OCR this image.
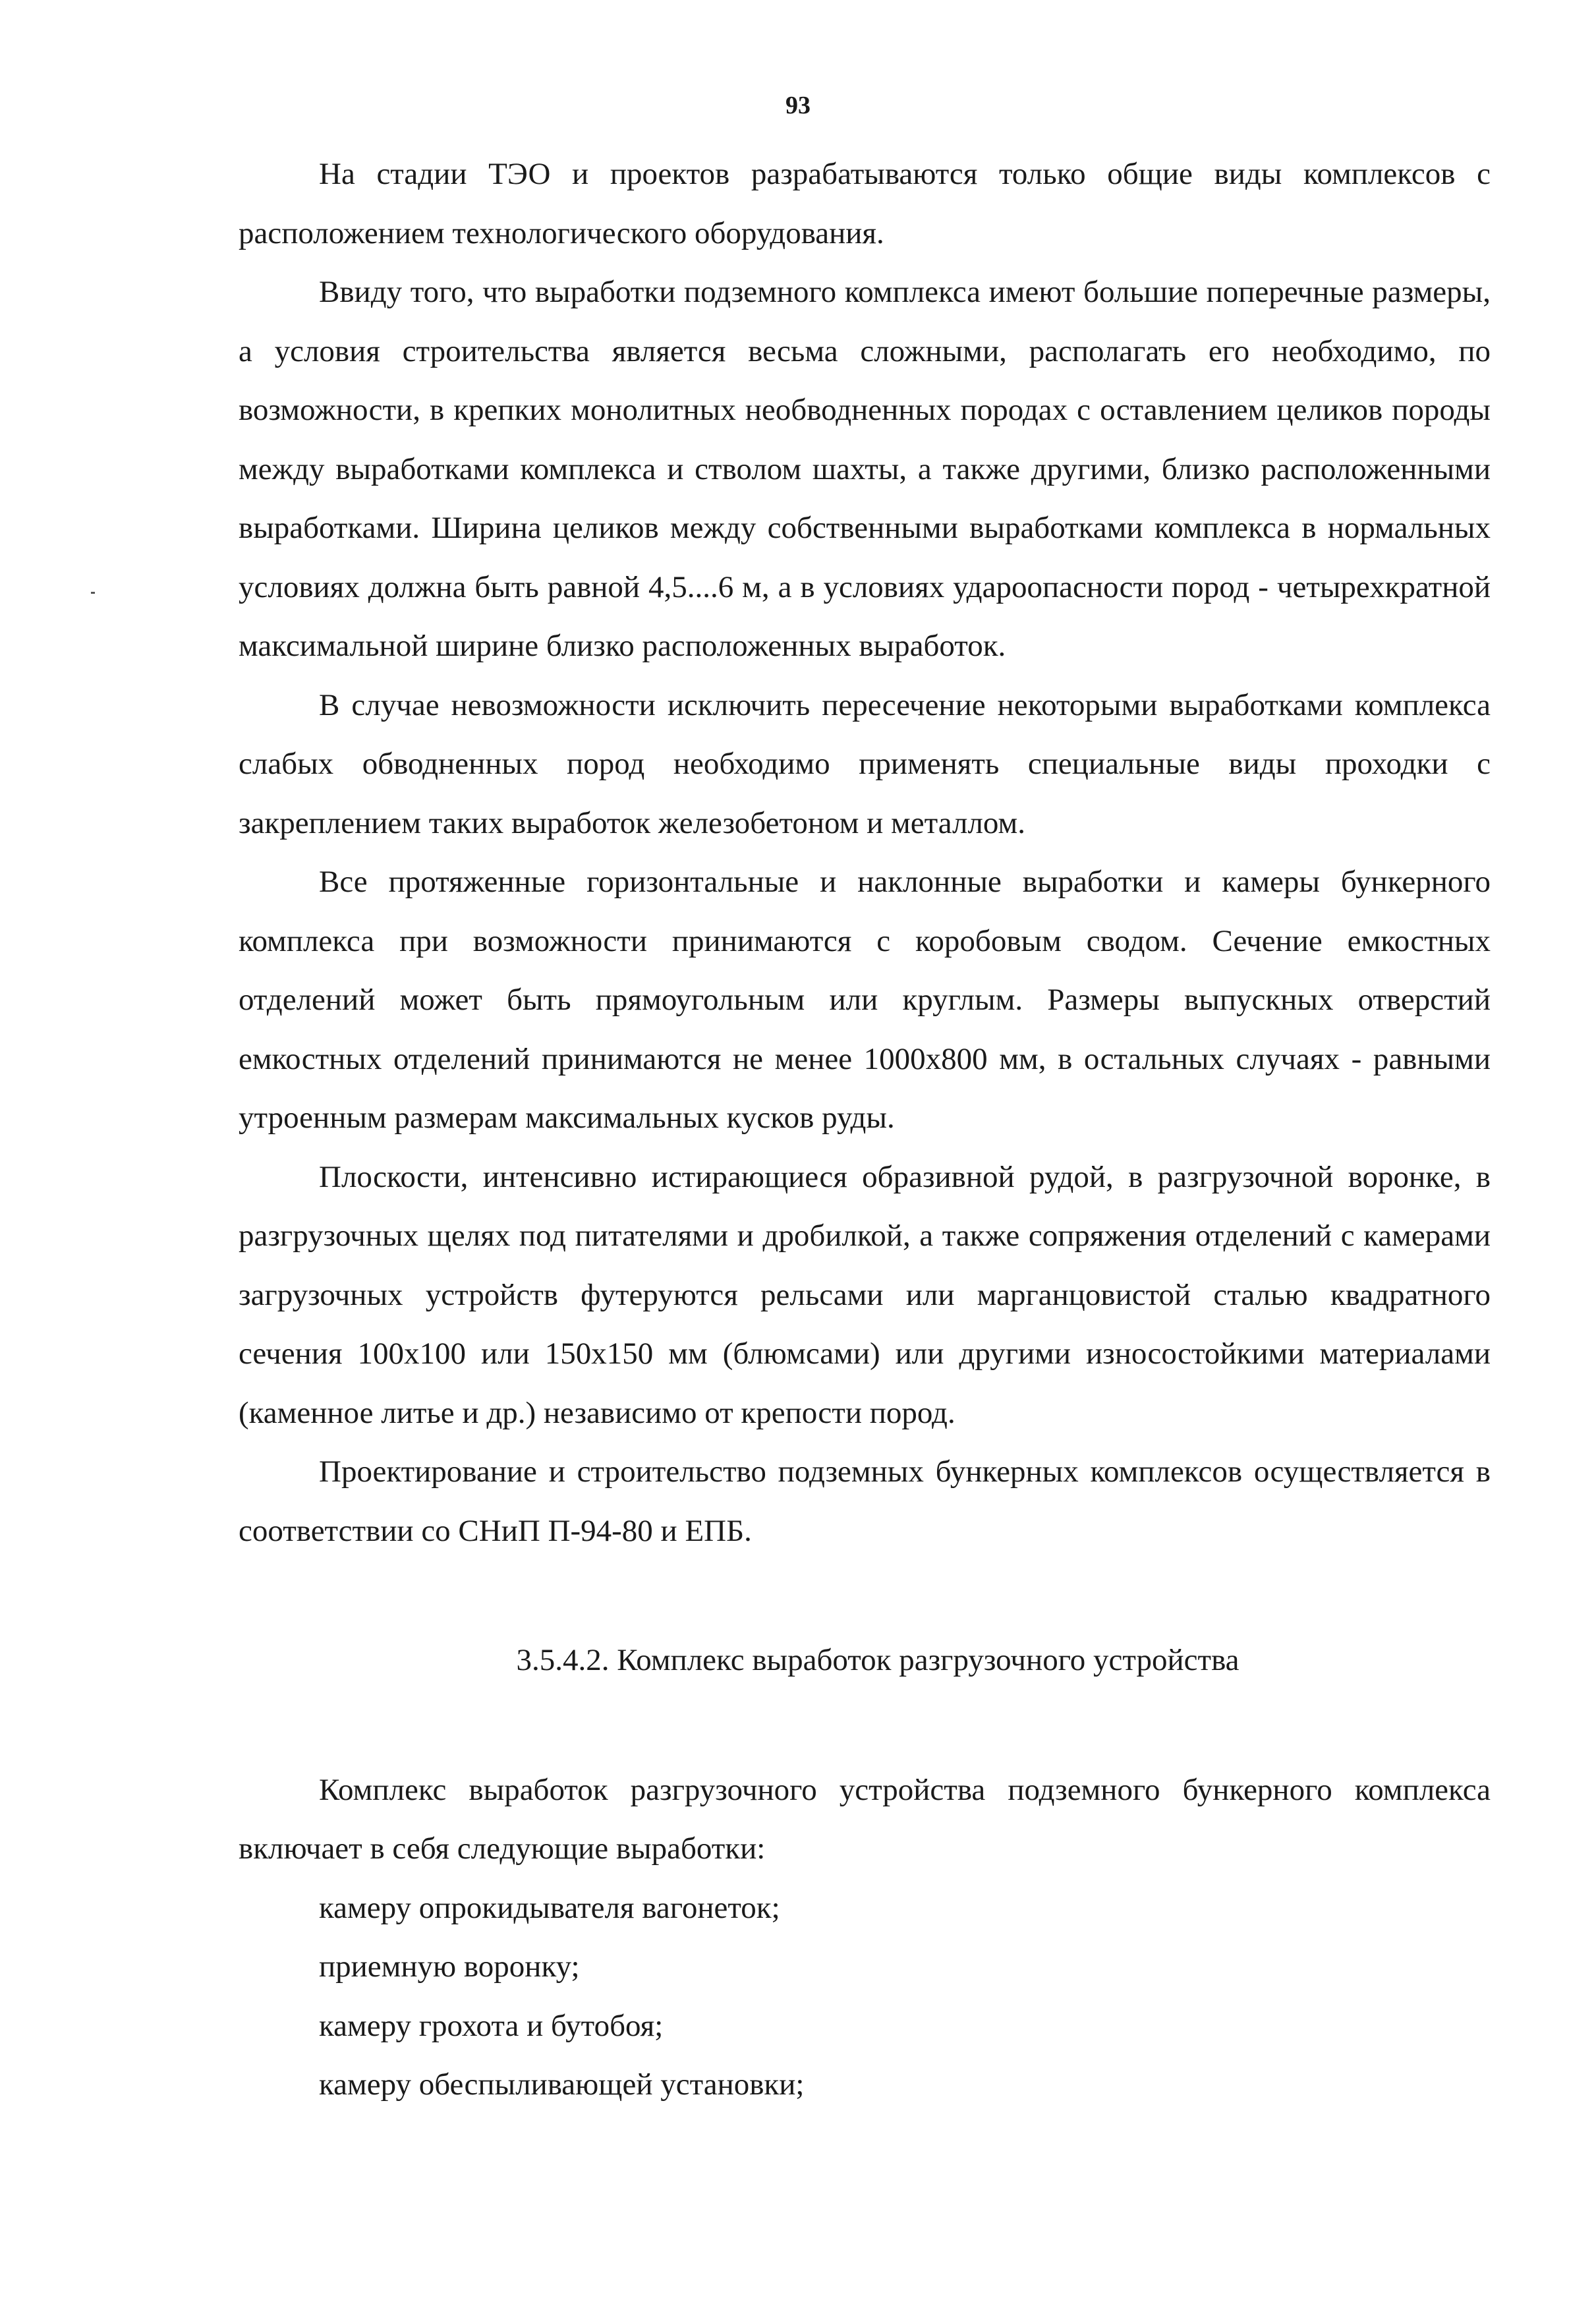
93

На стадии ТЭО и проектов разрабатываются только общие виды комплексов с расположением технологического оборудования.

Ввиду того, что выработки подземного комплекса имеют большие поперечные размеры, а условия строительства является весьма сложными, располагать его необходимо, по возможности, в крепких монолитных необводненных породах с оставлением целиков породы между выработками комплекса и стволом шахты, а также другими, близко расположенными выработками. Ширина целиков между собственными выработками комплекса в нормальных условиях должна быть равной 4,5....6 м, а в условиях удароопасности пород - четырехкратной максимальной ширине близко расположенных выработок.

В случае невозможности исключить пересечение некоторыми выработками комплекса слабых обводненных пород необходимо применять специальные виды проходки с закреплением таких выработок железобетоном и металлом.

Все протяженные горизонтальные и наклонные выработки и камеры бункерного комплекса при возможности принимаются с коробовым сводом. Сечение емкостных отделений может быть прямоугольным или круглым. Размеры выпускных отверстий емкостных отделений принимаются не менее 1000x800 мм, в остальных случаях - равными утроенным размерам максимальных кусков руды.

Плоскости, интенсивно истирающиеся образивной рудой, в разгрузочной воронке, в разгрузочных щелях под питателями и дробилкой, а также сопряжения отделений с камерами загрузочных устройств футеруются рельсами или марганцовистой сталью квадратного сечения 100x100 или 150x150 мм (блюмсами) или другими износостойкими материалами (каменное литье и др.) независимо от крепости пород.

Проектирование и строительство подземных бункерных комплексов осуществляется в соответствии со СНиП П-94-80 и ЕПБ.

3.5.4.2. Комплекс выработок разгрузочного устройства

Комплекс выработок разгрузочного устройства подземного бункерного комплекса включает в себя следующие выработки:

камеру опрокидывателя вагонеток;
приемную воронку;
камеру грохота и бутобоя;
камеру обеспыливающей установки;
